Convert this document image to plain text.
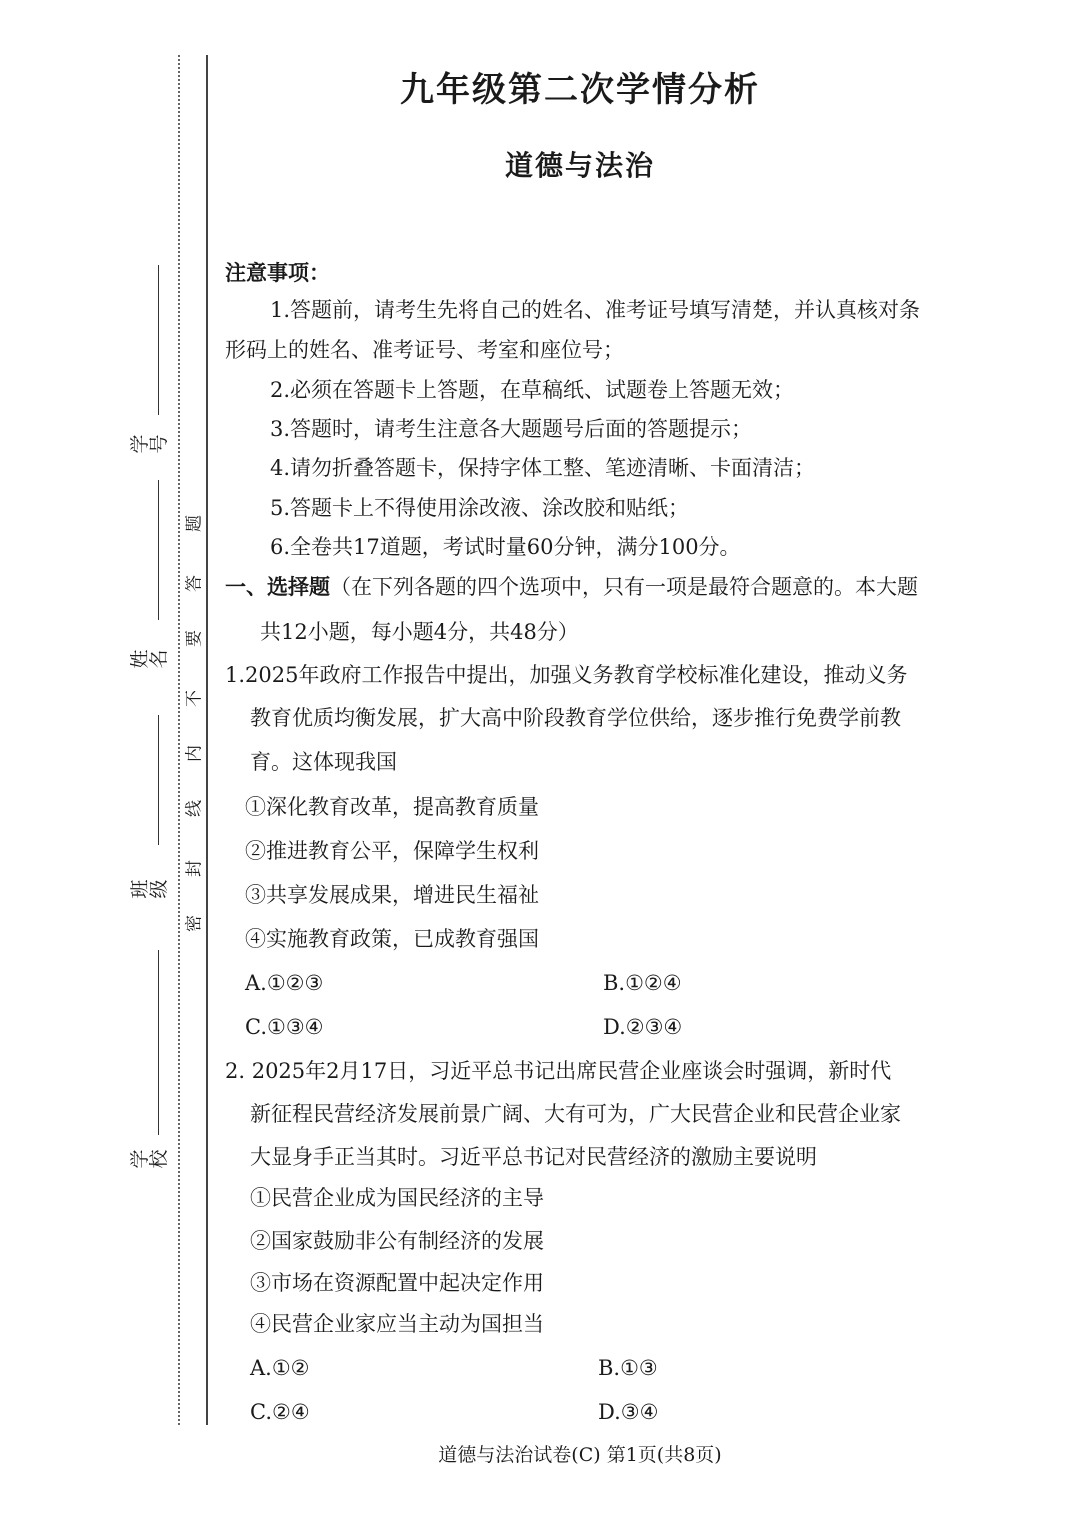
学号
姓名
班级
学校
密
封
线
内
不
要
答
题
九年级第二次学情分析
道德与法治
注意事项：
1.答题前，请考生先将自己的姓名、准考证号填写清楚，并认真核对条
形码上的姓名、准考证号、考室和座位号；
2.必须在答题卡上答题，在草稿纸、试题卷上答题无效；
3.答题时，请考生注意各大题题号后面的答题提示；
4.请勿折叠答题卡，保持字体工整、笔迹清晰、卡面清洁；
5.答题卡上不得使用涂改液、涂改胶和贴纸；
6.全卷共17道题，考试时量60分钟，满分100分。
一、选择题（在下列各题的四个选项中，只有一项是最符合题意的。本大题
共12小题，每小题4分，共48分）
1.2025年政府工作报告中提出，加强义务教育学校标准化建设，推动义务
教育优质均衡发展，扩大高中阶段教育学位供给，逐步推行免费学前教
育。这体现我国
①深化教育改革，提高教育质量
②推进教育公平，保障学生权利
③共享发展成果，增进民生福祉
④实施教育政策，已成教育强国
A.①②③	B.①②④
C.①③④	D.②③④
2. 2025年2月17日，习近平总书记出席民营企业座谈会时强调，新时代
新征程民营经济发展前景广阔、大有可为，广大民营企业和民营企业家
大显身手正当其时。习近平总书记对民营经济的激励主要说明
①民营企业成为国民经济的主导
②国家鼓励非公有制经济的发展
③市场在资源配置中起决定作用
④民营企业家应当主动为国担当
A.①②	B.①③
C.②④	D.③④
道德与法治试卷(C) 第1页(共8页)
